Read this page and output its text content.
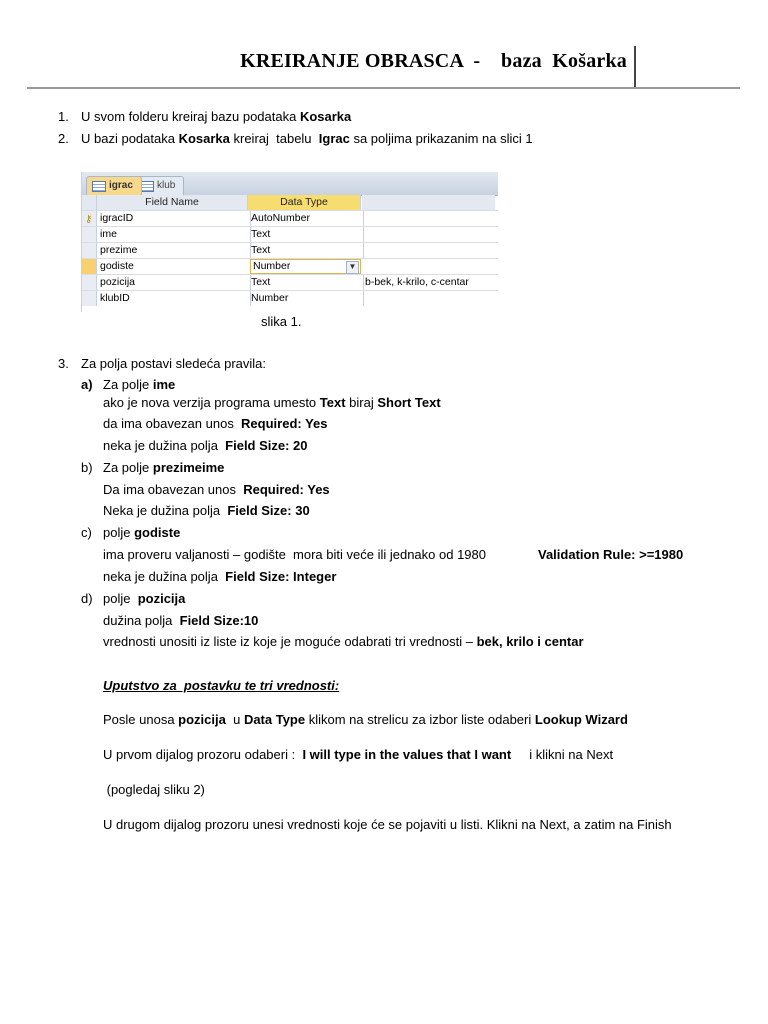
KREIRANJE OBRASCA  -    baza  Košarka
1. U svom folderu kreiraj bazu podataka Kosarka
2. U bazi podataka Kosarka kreiraj  tabelu  Igrac sa poljima prikazanim na slici 1
igrac	klub
Field Name	Data Type
⚷ igracID	AutoNumber
ime	Text
prezime	Text
godiste	Number	▼
pozicija	Text	b-bek, k-krilo, c-centar
klubID	Number
slika 1.
3. Za polja postavi sledeća pravila:
a) Za polje ime
ako je nova verzija programa umesto Text biraj Short Text
da ima obavezan unos  Required: Yes
neka je dužina polja  Field Size: 20
b) Za polje prezimeime
Da ima obavezan unos  Required: Yes
Neka je dužina polja  Field Size: 30
c) polje godiste
ima proveru valjanosti – godište  mora biti veće ili jednako od 1980	Validation Rule: >=1980
neka je dužina polja  Field Size: Integer
d) polje  pozicija
dužina polja  Field Size:10
vrednosti unositi iz liste iz koje je moguće odabrati tri vrednosti – bek, krilo i centar
Uputstvo za  postavku te tri vrednosti:
Posle unosa pozicija  u Data Type klikom na strelicu za izbor liste odaberi Lookup Wizard
U prvom dijalog prozoru odaberi :  I will type in the values that I want     i klikni na Next
(pogledaj sliku 2)
U drugom dijalog prozoru unesi vrednosti koje će se pojaviti u listi. Klikni na Next, a zatim na Finish
